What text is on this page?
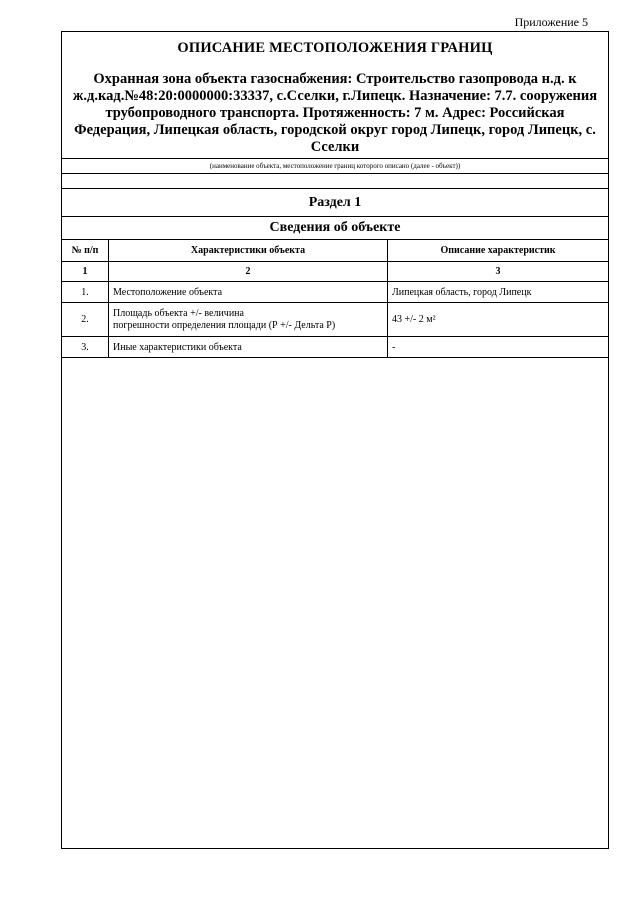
Приложение 5
ОПИСАНИЕ МЕСТОПОЛОЖЕНИЯ ГРАНИЦ
Охранная зона объекта газоснабжения: Строительство газопровода н.д. к ж.д.кад.№48:20:0000000:33337, с.Сселки, г.Липецк. Назначение: 7.7. сооружения трубопроводного транспорта. Протяженность: 7 м. Адрес: Российская Федерация, Липецкая область, городской округ город Липецк, город Липецк, с. Сселки
(наименование объекта, местоположение границ которого описано (далее - объект))
Раздел 1
Сведения об объекте
№ п/п	Характеристики объекта	Описание характеристик
1	2	3
1.	Местоположение объекта	Липецкая область, город Липецк
2.	Площадь объекта +/- величина
погрешности определения площади (Р +/- Дельта Р)	43 +/- 2 м²
3.	Иные характеристики объекта	-
